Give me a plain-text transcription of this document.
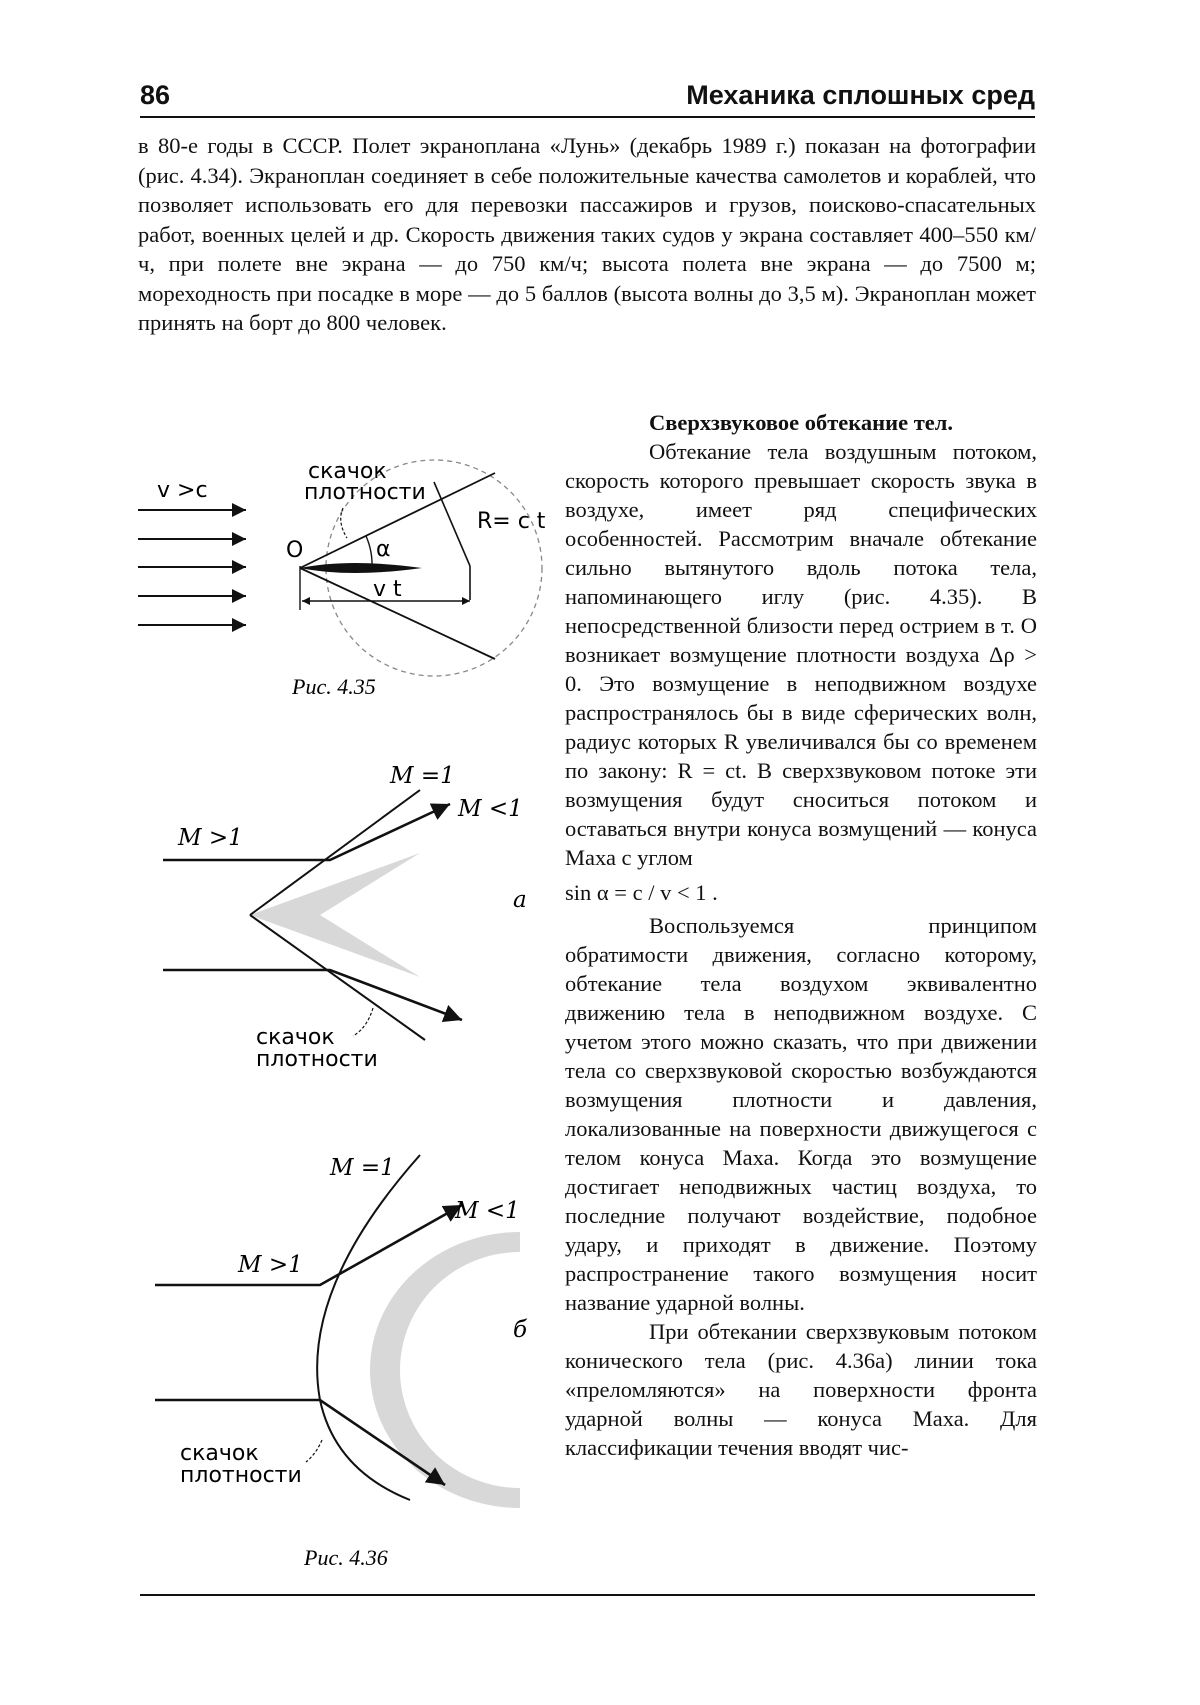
86	Механика сплошных сред

в 80-е годы в СССР. Полет экраноплана «Лунь» (декабрь 1989 г.) показан на фотографии (рис. 4.34). Экраноплан соединяет в себе положительные качества самолетов и кораблей, что позволяет использовать его для перевозки пассажиров и грузов, поисково-спасательных работ, военных целей и др. Скорость движения таких судов у экрана составляет 400–550 км/ч, при полете вне экрана — до 750 км/ч; высота полета вне экрана — до 7500 м; мореходность при посадке в море — до 5 баллов (высота волны до 3,5 м). Экраноплан может принять на борт до 800 человек.

Сверхзвуковое обтекание тел.

Обтекание тела воздушным потоком, скорость которого превышает скорость звука в воздухе, имеет ряд специфических особенностей. Рассмотрим вначале обтекание сильно вытянутого вдоль потока тела, напоминающего иглу (рис. 4.35). В непосредственной близости перед острием в т. O возникает возмущение плотности воздуха Δρ > 0. Это возмущение в неподвижном воздухе распространялось бы в виде сферических волн, радиус которых R увеличивался бы со временем по закону: R = ct. В сверхзвуковом потоке эти возмущения будут сноситься потоком и оставаться внутри конуса возмущений — конуса Маха с углом

sin α = c / v < 1 .

Воспользуемся принципом обратимости движения, согласно которому, обтекание тела воздухом эквивалентно движению тела в неподвижном воздухе. С учетом этого можно сказать, что при движении тела со сверхзвуковой скоростью возбуждаются возмущения плотности и давления, локализованные на поверхности движущегося с телом конуса Маха. Когда это возмущение достигает неподвижных частиц воздуха, то последние получают воздействие, подобное удару, и приходят в движение. Поэтому распространение такого возмущения носит название ударной волны.

При обтекании сверхзвуковым потоком конического тела (рис. 4.36а) линии тока «преломляются» на поверхности фронта ударной волны — конуса Маха. Для классификации течения вводят чис-

v >c
скачок
плотности
R= c t
O	α
v t
Рис. 4.35
M =1
M <1
M >1
а
скачок
плотности
M =1
M <1
M >1
б
скачок
плотности
Рис. 4.36
